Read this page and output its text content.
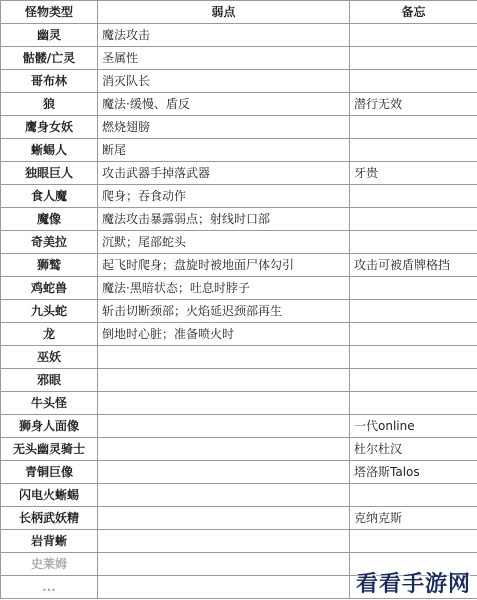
怪物类型	弱点	备忘
幽灵	魔法攻击	
骷髅/亡灵	圣属性	
哥布林	消灭队长	
狼	魔法·缓慢、盾反	潜行无效
鹰身女妖	燃烧翅膀	
蜥蜴人	断尾	
独眼巨人	攻击武器手掉落武器	牙贵
食人魔	爬身；吞食动作	
魔像	魔法攻击暴露弱点；射线时口部	
奇美拉	沉默；尾部蛇头	
狮鹫	起飞时爬身；盘旋时被地面尸体勾引	攻击可被盾牌格挡
鸡蛇兽	魔法·黑暗状态；吐息时脖子	
九头蛇	斩击切断颈部；火焰延迟颈部再生	
龙	倒地时心脏；准备喷火时	
巫妖		
邪眼		
牛头怪		
狮身人面像		一代online
无头幽灵骑士		杜尔杜汉
青铜巨像		塔洛斯Talos
闪电火蜥蜴		
长柄武妖精		克纳克斯
岩背蜥		
史莱姆		
...			看看手游网
